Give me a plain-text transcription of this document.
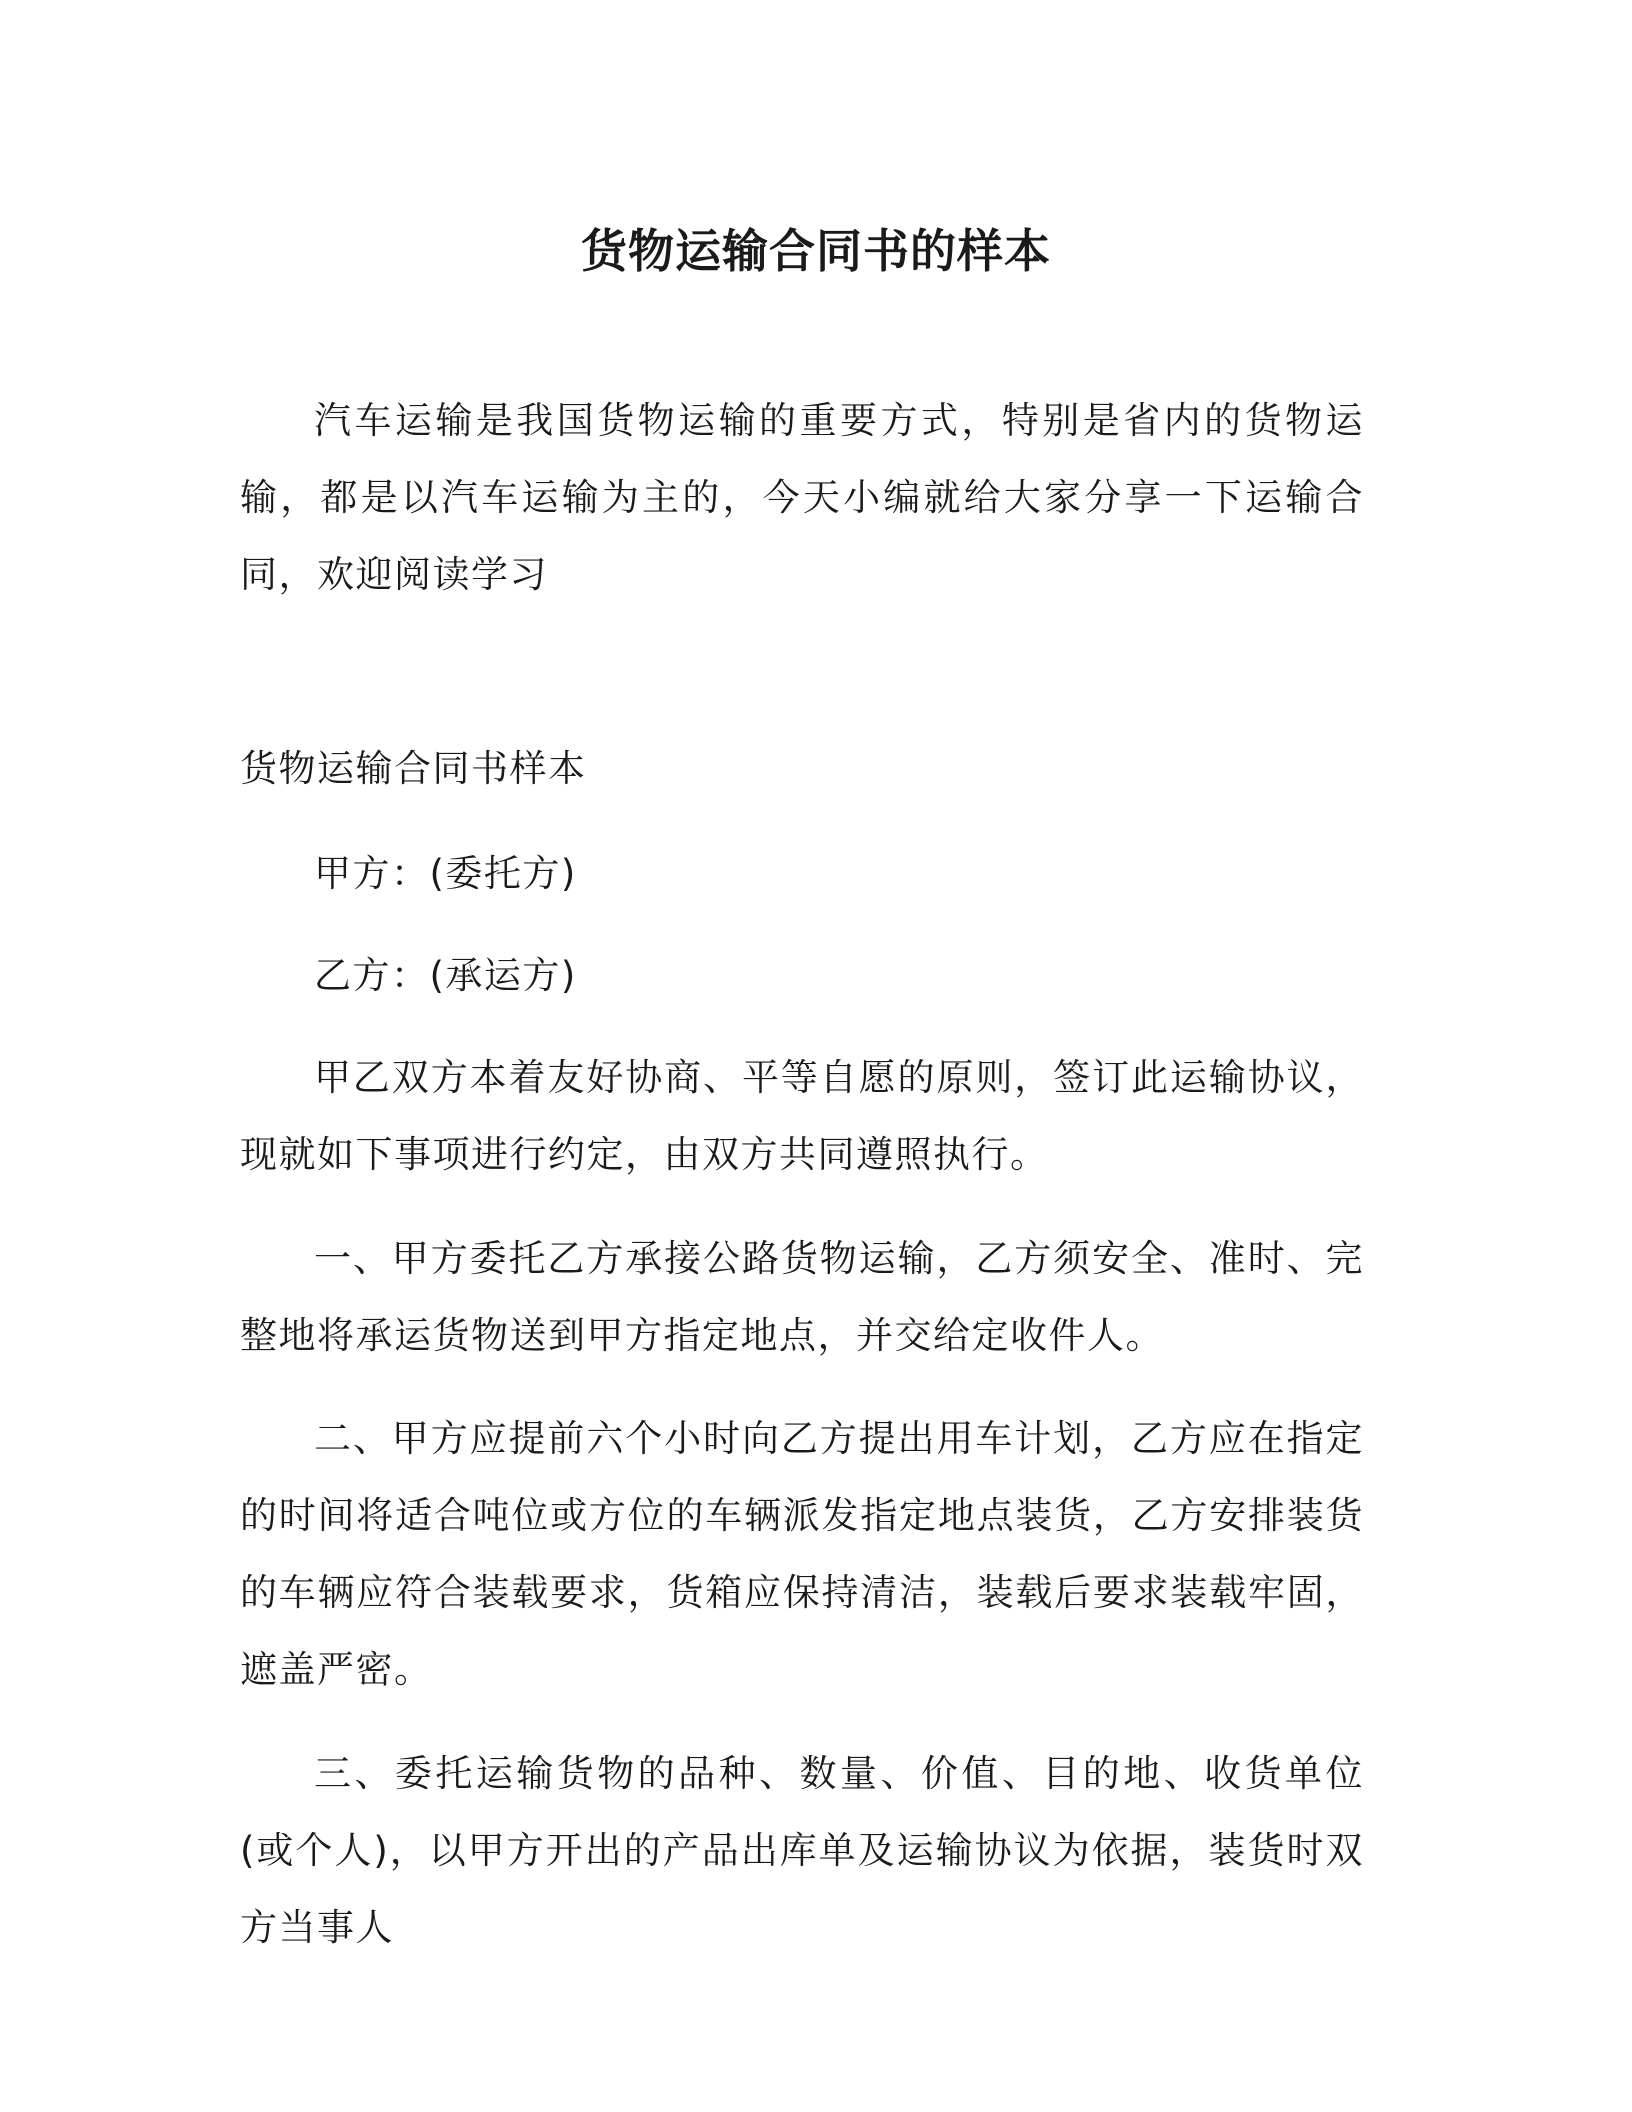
货物运输合同书的样本

汽车运输是我国货物运输的重要方式，特别是省内的货物运输，都是以汽车运输为主的，今天小编就给大家分享一下运输合同，欢迎阅读学习

货物运输合同书样本

甲方：(委托方)

乙方：(承运方)

甲乙双方本着友好协商、平等自愿的原则，签订此运输协议，现就如下事项进行约定，由双方共同遵照执行。

一、甲方委托乙方承接公路货物运输，乙方须安全、准时、完整地将承运货物送到甲方指定地点，并交给定收件人。

二、甲方应提前六个小时向乙方提出用车计划，乙方应在指定的时间将适合吨位或方位的车辆派发指定地点装货，乙方安排装货的车辆应符合装载要求，货箱应保持清洁，装载后要求装载牢固，遮盖严密。

三、委托运输货物的品种、数量、价值、目的地、收货单位(或个人)，以甲方开出的产品出库单及运输协议为依据，装货时双方当事人
